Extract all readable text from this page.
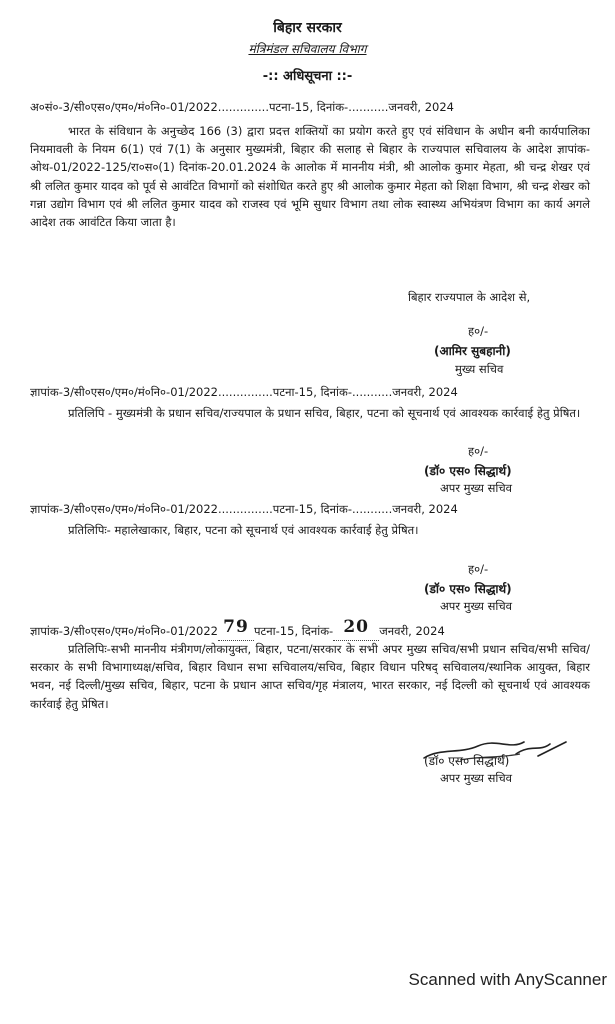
बिहार सरकार
मंत्रिमंडल सचिवालय विभाग
-:: अधिसूचना ::-
अ०सं०-3/सी०एस०/एम०/मं०नि०-01/2022..............पटना-15, दिनांक-...........जनवरी, 2024
भारत के संविधान के अनुच्छेद 166 (3) द्वारा प्रदत्त शक्तियों का प्रयोग करते हुए एवं संविधान के अधीन बनी कार्यपालिका नियमावली के नियम 6(1) एवं 7(1) के अनुसार मुख्यमंत्री, बिहार की सलाह से बिहार के राज्यपाल सचिवालय के आदेश ज्ञापांक-ओथ-01/2022-125/रा०स०(1) दिनांक-20.01.2024 के आलोक में माननीय मंत्री, श्री आलोक कुमार मेहता, श्री चन्द्र शेखर एवं श्री ललित कुमार यादव को पूर्व से आवंटित विभागों को संशोधित करते हुए श्री आलोक कुमार मेहता को शिक्षा विभाग, श्री चन्द्र शेखर को गन्ना उद्योग विभाग एवं श्री ललित कुमार यादव को राजस्व एवं भूमि सुधार विभाग तथा लोक स्वास्थ्य अभियंत्रण विभाग का कार्य अगले आदेश तक आवंटित किया जाता है।
बिहार राज्यपाल के आदेश से,
ह०/-
(आमिर सुबहानी)
मुख्य सचिव
ज्ञापांक-3/सी०एस०/एम०/मं०नि०-01/2022...............पटना-15, दिनांक-...........जनवरी, 2024
प्रतिलिपि - मुख्यमंत्री के प्रधान सचिव/राज्यपाल के प्रधान सचिव, बिहार, पटना को सूचनार्थ एवं आवश्यक कार्रवाई हेतु प्रेषित।
ह०/-
(डॉ० एस० सिद्धार्थ)
अपर मुख्य सचिव
ज्ञापांक-3/सी०एस०/एम०/मं०नि०-01/2022...............पटना-15, दिनांक-...........जनवरी, 2024
प्रतिलिपिः- महालेखाकार, बिहार, पटना को सूचनार्थ एवं आवश्यक कार्रवाई हेतु प्रेषित।
ह०/-
(डॉ० एस० सिद्धार्थ)
अपर मुख्य सचिव
ज्ञापांक-3/सी०एस०/एम०/मं०नि०-01/2022 79 पटना-15, दिनांक- 20 जनवरी, 2024
प्रतिलिपिः-सभी माननीय मंत्रीगण/लोकायुक्त, बिहार, पटना/सरकार के सभी अपर मुख्य सचिव/सभी प्रधान सचिव/सभी सचिव/सरकार के सभी विभागाध्यक्ष/सचिव, बिहार विधान सभा सचिवालय/सचिव, बिहार विधान परिषद् सचिवालय/स्थानिक आयुक्त, बिहार भवन, नई दिल्ली/मुख्य सचिव, बिहार, पटना के प्रधान आप्त सचिव/गृह मंत्रालय, भारत सरकार, नई दिल्ली को सूचनार्थ एवं आवश्यक कार्रवाई हेतु प्रेषित।
(डॉ० एस० सिद्धार्थ)
अपर मुख्य सचिव
Scanned with AnyScanner
